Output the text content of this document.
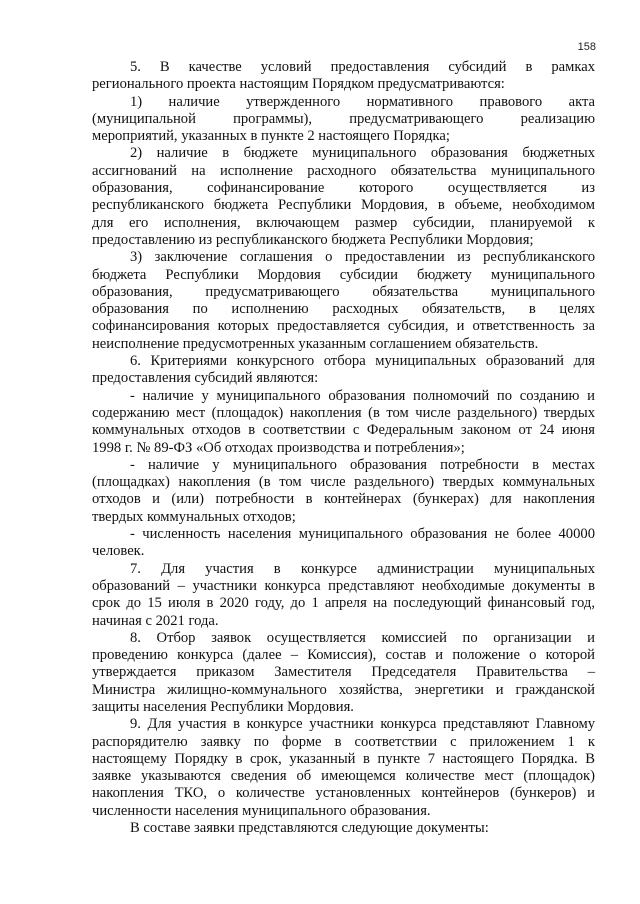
158
5. В качестве условий предоставления субсидий в рамках
регионального проекта настоящим Порядком предусматриваются:
1) наличие утвержденного нормативного правового акта
(муниципальной программы), предусматривающего реализацию
мероприятий, указанных в пункте 2 настоящего Порядка;
2) наличие в бюджете муниципального образования бюджетных
ассигнований на исполнение расходного обязательства муниципального
образования, софинансирование которого осуществляется из
республиканского бюджета Республики Мордовия, в объеме, необходимом
для его исполнения, включающем размер субсидии, планируемой к
предоставлению из республиканского бюджета Республики Мордовия;
3) заключение соглашения о предоставлении из республиканского
бюджета Республики Мордовия субсидии бюджету муниципального
образования, предусматривающего обязательства муниципального
образования по исполнению расходных обязательств, в целях
софинансирования которых предоставляется субсидия, и ответственность за
неисполнение предусмотренных указанным соглашением обязательств.
6. Критериями конкурсного отбора муниципальных образований для
предоставления субсидий являются:
- наличие у муниципального образования полномочий по созданию и
содержанию мест (площадок) накопления (в том числе раздельного) твердых
коммунальных отходов в соответствии с Федеральным законом от 24 июня
1998 г. № 89-ФЗ «Об отходах производства и потребления»;
- наличие у муниципального образования потребности в местах
(площадках) накопления (в том числе раздельного) твердых коммунальных
отходов и (или) потребности в контейнерах (бункерах) для накопления
твердых коммунальных отходов;
- численность населения муниципального образования не более 40000
человек.
7. Для участия в конкурсе администрации муниципальных
образований – участники конкурса представляют необходимые документы в
срок до 15 июля в 2020 году, до 1 апреля на последующий финансовый год,
начиная с 2021 года.
8. Отбор заявок осуществляется комиссией по организации и
проведению конкурса (далее – Комиссия), состав и положение о которой
утверждается приказом Заместителя Председателя Правительства –
Министра жилищно-коммунального хозяйства, энергетики и гражданской
защиты населения Республики Мордовия.
9. Для участия в конкурсе участники конкурса представляют Главному
распорядителю заявку по форме в соответствии с приложением 1 к
настоящему Порядку в срок, указанный в пункте 7 настоящего Порядка. В
заявке указываются сведения об имеющемся количестве мест (площадок)
накопления ТКО, о количестве установленных контейнеров (бункеров) и
численности населения муниципального образования.
В составе заявки представляются следующие документы:
